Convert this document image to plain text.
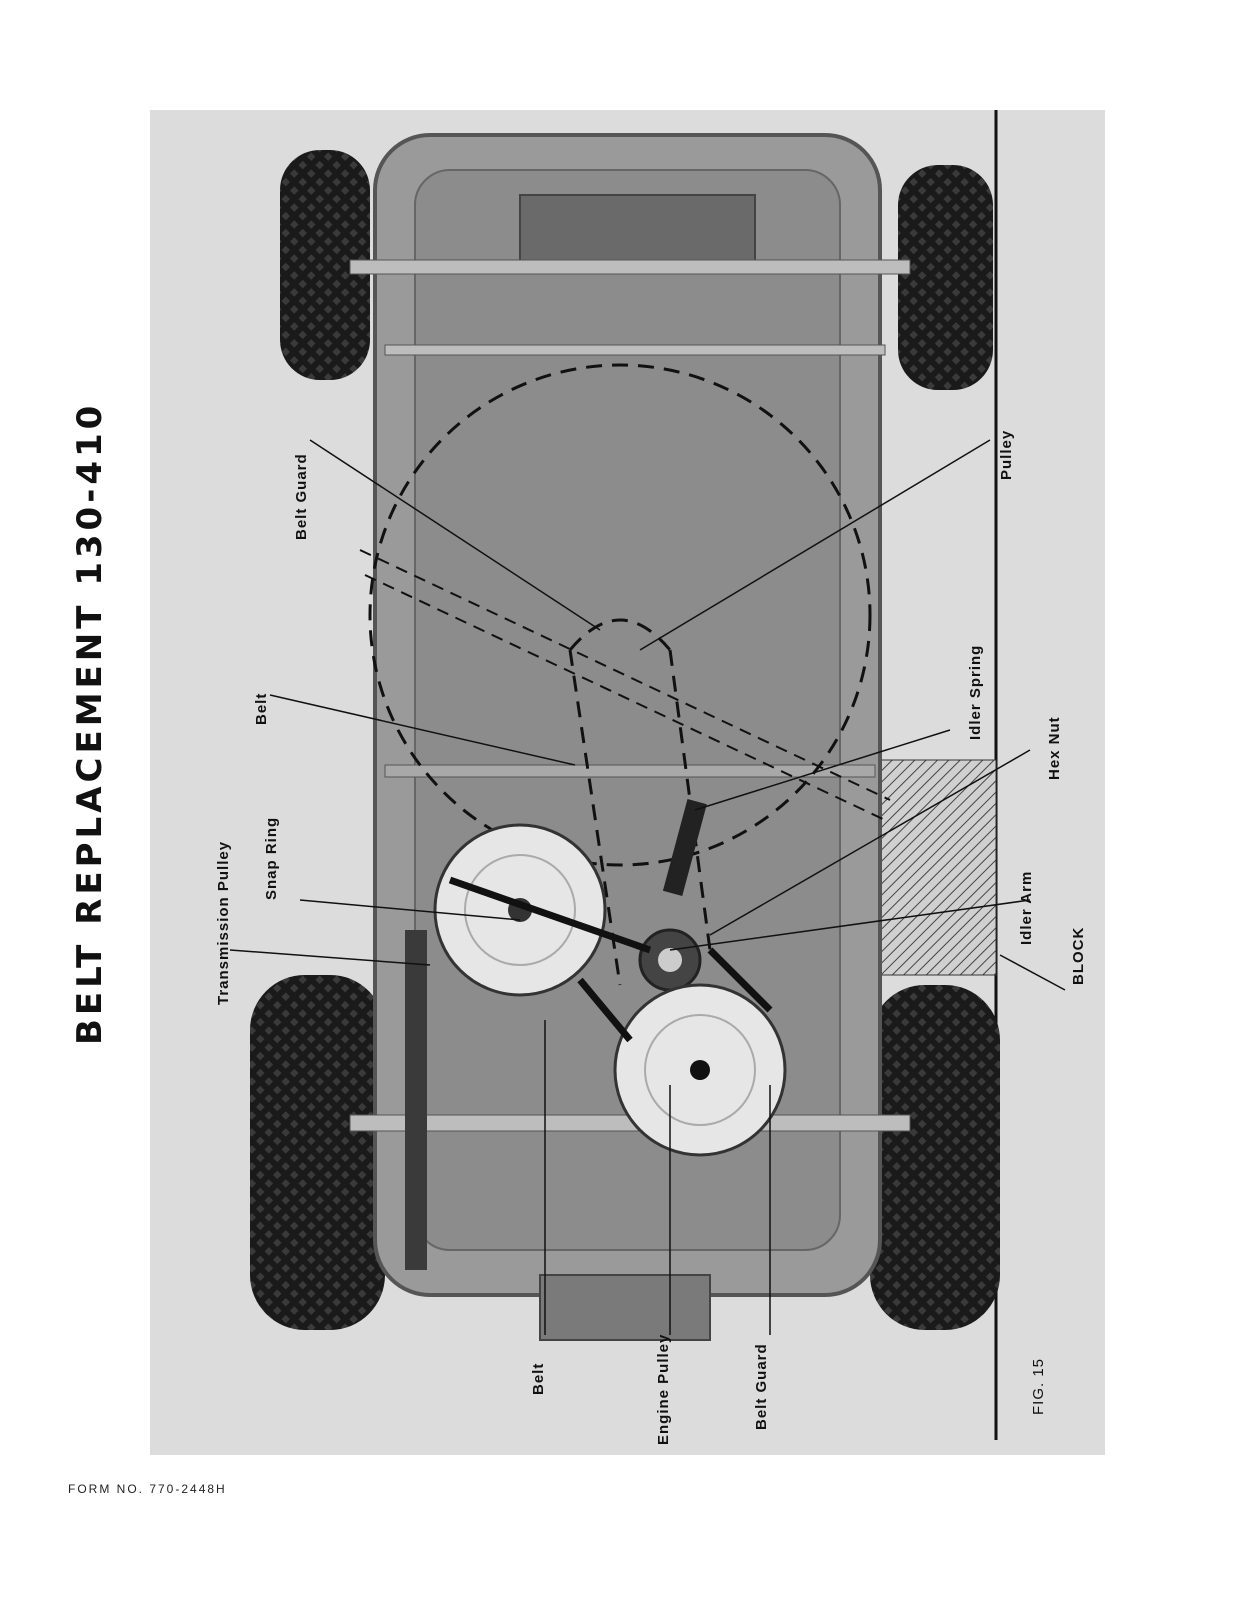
BELT REPLACEMENT 130-410	Belt Guard
Belt
Transmission Pulley Snap Ring
Pulley
Idler Spring
Hex Nut
Idler Arm
BLOCK
Belt	Engine Pulley	Belt Guard	FIG. 15
FORM NO. 770-2448H
